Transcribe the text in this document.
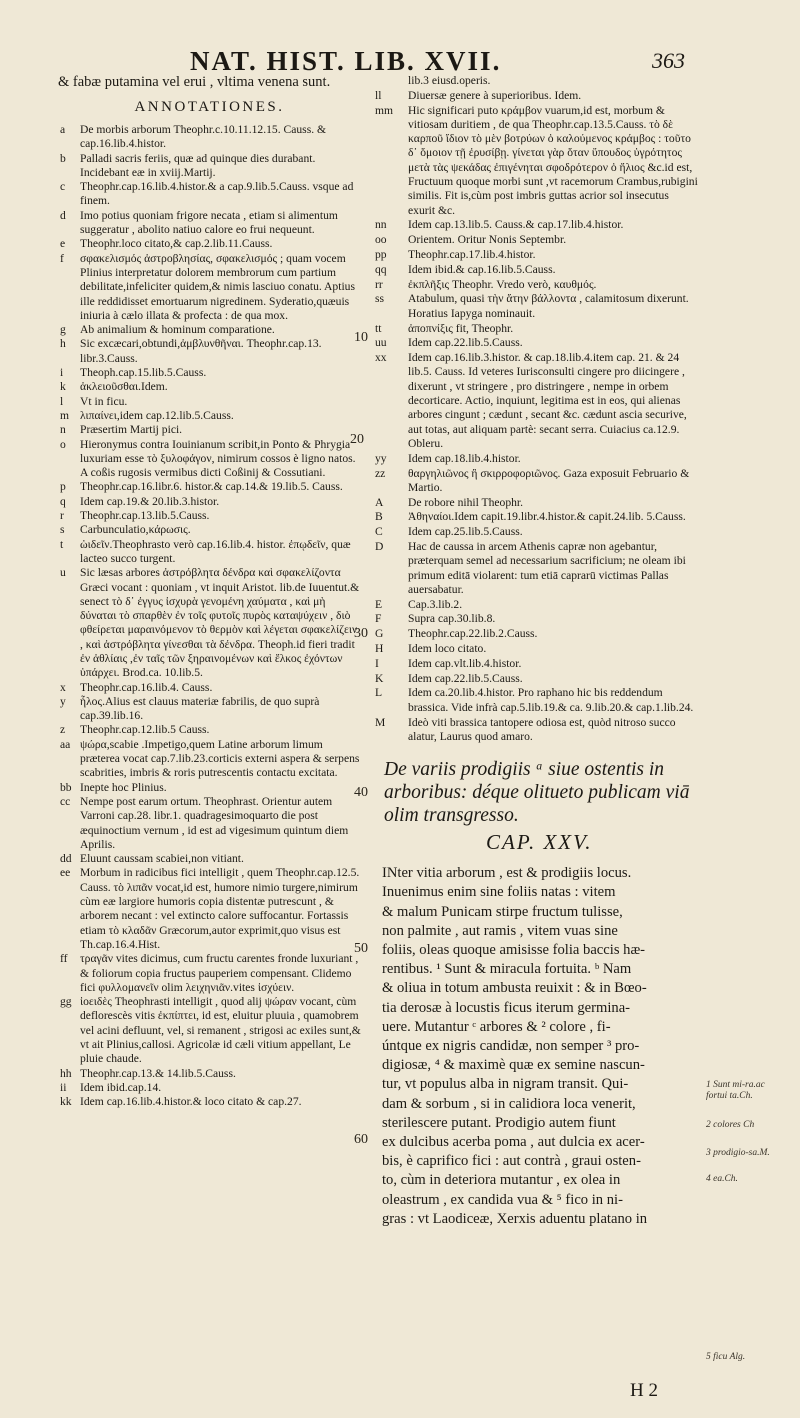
NAT. HIST. LIB. XVII.	363

& fabæ putamina vel erui , vltima venena sunt.

ANNOTATIONES.
a	De morbis arborum Theophr.c.10.11.12.15. Causs. & cap.16.lib.4.histor.
b	Palladi sacris feriis, quæ ad quinque dies durabant. Incidebant eæ in xviij.Martij.
c	Theophr.cap.16.lib.4.histor.& a cap.9.lib.5.Causs. vsque ad finem.
d	Imo potius quoniam frigore necata , etiam si alimentum suggeratur , abolito natiuo calore eo frui nequeunt.
e	Theophr.loco citato,& cap.2.lib.11.Causs.
f	σφακελισμός ἀστροβλησίας, σφακελισμός ; quam vocem Plinius interpretatur dolorem membrorum cum partium debilitate,infeliciter quidem,& nimis lasciuo conatu. Aptius ille reddidisset emortuarum nigredinem. Syderatio,quæuis iniuria à cælo illata & profecta : de qua mox.
g	Ab animalium & hominum comparatione.
h	Sic excæcari,obtundi,ἀμβλυνθῆναι. Theophr.cap.13. libr.3.Causs.
i	Theoph.cap.15.lib.5.Causs.
k	ἀκλειοῦσθαι.Idem.
l	Vt in ficu.
m λιπαίνει,idem cap.12.lib.5.Causs.
n	Præsertim Martij pici.
o	Hieronymus contra Iouinianum scribit,in Ponto & Phrygia luxuriam esse τὸ ξυλοφάγον, nimirum cossos è ligno natos. A coßis rugosis vermibus dicti Coßinij & Cossutiani.
p	Theophr.cap.16.libr.6. histor.& cap.14.& 19.lib.5. Causs.
q	Idem cap.19.& 20.lib.3.histor.
r	Theophr.cap.13.lib.5.Causs.
s	Carbunculatio,κάρωσις.
t	ὠιδεῖν.Theophrasto verò cap.16.lib.4. histor. ἐπῳδεῖν, quæ lacteo succo turgent.
u	Sic læsas arbores ἀστρόβλητα δένδρα καὶ σφακελίζοντα Græci vocant : quoniam , vt inquit Aristot. lib.de Iuuentut.& senect τὸ δ᾽ ἐγγυς ἰσχυρὰ γενομένη χαύματα , καὶ μὴ δύναται τὸ σπαρθὲν ἐν τοῖς φυτοῖς πυρὸς καταψύχειν , διὸ φθείρεται μαραινόμενον τὸ θερμὸν καὶ λέγεται σφακελίζειν , καὶ ἀστρόβλητα γίνεσθαι τὰ δένδρα. Theoph.id fieri tradit ἐν ἀθλίαις ,ἐν ταῖς τῶν ξηραινομένων καὶ ἕλκος ἐχόντων ὑπάρχει. Brod.ca. 10.lib.5.
x	Theophr.cap.16.lib.4. Causs.
y	ἧλος.Alius est clauus materiæ fabrilis, de quo suprà cap.39.lib.16.
z	Theophr.cap.12.lib.5 Causs.
aa ψώρα,scabie .Impetigo,quem Latine arborum limum præterea vocat cap.7.lib.23.corticis externi aspera & serpens scabrities, imbris & roris putrescentis contactu excitata.
bb Inepte hoc Plinius.
cc Nempe post earum ortum. Theophrast. Orientur autem Varroni cap.28. libr.1. quadragesimoquarto die post æquinoctium vernum , id est ad vigesimum quintum diem Aprilis.
dd Eluunt caussam scabiei,non vitiant.
ee Morbum in radicibus fici intelligit , quem Theophr.cap.12.5. Causs. τὸ λιπᾶν vocat,id est, humore nimio turgere,nimirum cùm eæ largiore humoris copia distentæ putrescunt , & arborem necant : vel extincto calore suffocantur. Fortassis etiam τὸ κλαδᾶν Græcorum,autor exprimit,quo visus est Th.cap.16.4.Hist.
ff	τραγᾶν vites dicimus, cum fructu carentes fronde luxuriant , & foliorum copia fructus pauperiem compensant. Clidemo fici φυλλομανεῖν olim λειχηνιᾶν.vites ἰσχύειν.
gg ἱοειδὲς Theophrasti intelligit , quod alij ψώραν vocant, cùm deflorescès vitis ἐκπίπτει, id est, eluitur pluuia , quamobrem vel acini defluunt, vel, si remanent , strigosi ac exiles sunt,& vt ait Plinius,callosi. Agricolæ id cæli vitium appellant, Le pluie chaude.
hh Theophr.cap.13.& 14.lib.5.Causs.
ii	Idem ibid.cap.14.
kk Idem cap.16.lib.4.histor.& loco citato & cap.27.
lib.3 eiusd.operis.
ll	Diuersæ genere à superioribus. Idem.
mm	Hic significari puto κράμβον vuarum,id est, morbum & vitiosam duritiem , de qua Theophr.cap.13.5.Causs. τὸ δὲ καρποῦ ἴδιον τὸ μὲν βοτρύων ὁ καλούμενος κράμβος : τοῦτο δ᾽ ὅμοιον τῇ ἐρυσίβῃ. γίνεται γὰρ ὅταν ὕπουδος ὑγρότητος μετὰ τὰς ψεκάδας ἐπιγένηται σφοδρότερον ὁ ἥλιος &c.id est, Fructuum quoque morbi sunt ,vt racemorum Crambus,rubigini similis. Fit is,cùm post imbris guttas acrior sol insecutus exurit &c.
nn	Idem cap.13.lib.5. Causs.& cap.17.lib.4.histor.
oo	Orientem. Oritur Nonis Septembr.
pp	Theophr.cap.17.lib.4.histor.
qq	Idem ibid.& cap.16.lib.5.Causs.
rr	ἐκπλῆξις Theophr. Vredo verò, καυθμός.
ss	Atabulum, quasi τὴν ἄτην βάλλοντα , calamitosum dixerunt. Horatius Iapyga nominauit.
tt	ἀποπνίξις fit, Theophr.
uu	Idem cap.22.lib.5.Causs.
xx	Idem cap.16.lib.3.histor. & cap.18.lib.4.item cap. 21. & 24 lib.5. Causs. Id veteres Iurisconsulti cingere pro diicingere , dixerunt , vt stringere , pro distringere , nempe in orbem decorticare. Actio, inquiunt, legitima est in eos, qui alienas arbores cingunt ; cædunt , secant &c. cædunt ascia securive, aut totas, aut aliquam partè: secant serra. Cuiacius ca.12.9. Obleru.
yy	Idem cap.18.lib.4.histor.
zz	θαργηλιῶνος ἢ σκιρροφοριῶνος. Gaza exposuit Februario & Martio.
A	De robore nihil Theophr.
B	Ἀθηναίοι.Idem capit.19.libr.4.histor.& capit.24.lib. 5.Causs.
C	Idem cap.25.lib.5.Causs.
D	Hac de caussa in arcem Athenis capræ non agebantur, præterquam semel ad necessarium sacrificium; ne oleam ibi primum editā violarent: tum etiā caprarū victimas Pallas auersabatur.
E	Cap.3.lib.2.
F	Supra cap.30.lib.8.
G	Theophr.cap.22.lib.2.Causs.
H	Idem loco citato.
I	Idem cap.vlt.lib.4.histor.
K	Idem cap.22.lib.5.Causs.
L	Idem ca.20.lib.4.histor. Pro raphano hic bis reddendum brassica. Vide infrà cap.5.lib.19.& ca. 9.lib.20.& cap.1.lib.24.
M	Ideò viti brassica tantopere odiosa est, quòd nitroso succo alatur, Laurus quod amaro.
De variis prodigiis ᵃ siue ostentis in arboribus: déque olitueto publicam viā olim transgresso.
CAP. XXV.
INter vitia arborum , est & prodigiis locus.
Inuenimus enim sine foliis natas : vitem
& malum Punicam stirpe fructum tulisse,
non palmite , aut ramis , vitem vuas sine
foliis, oleas quoque amisisse folia baccis hæ-
rentibus. ¹ Sunt & miracula fortuita. ᵇ Nam
& oliua in totum ambusta reuixit : & in Bœo-
tia derosæ à locustis ficus iterum germina-
uere. Mutantur ᶜ arbores & ² colore , fi-
úntque ex nigris candidæ, non semper ³ pro-
digiosæ, ⁴ & maximè quæ ex semine nascun-
tur, vt populus alba in nigram transit. Qui-
dam & sorbum , si in calidiora loca venerit,
sterilescere putant. Prodigio autem fiunt
ex dulcibus acerba poma , aut dulcia ex acer-
bis, è caprifico fici : aut contrà , graui osten-
to, cùm in deteriora mutantur , ex olea in
oleastrum , ex candida vua & ⁵ fico in ni-
gras : vt Laodiceæ, Xerxis aduentu platano in
10
20
30
40
50
60
1 Sunt mi-ra.ac fortui ta.Ch.
2 colores Ch
3 prodigio-sa.M.
4 ea.Ch.
5 ficu Alg.
H 2
